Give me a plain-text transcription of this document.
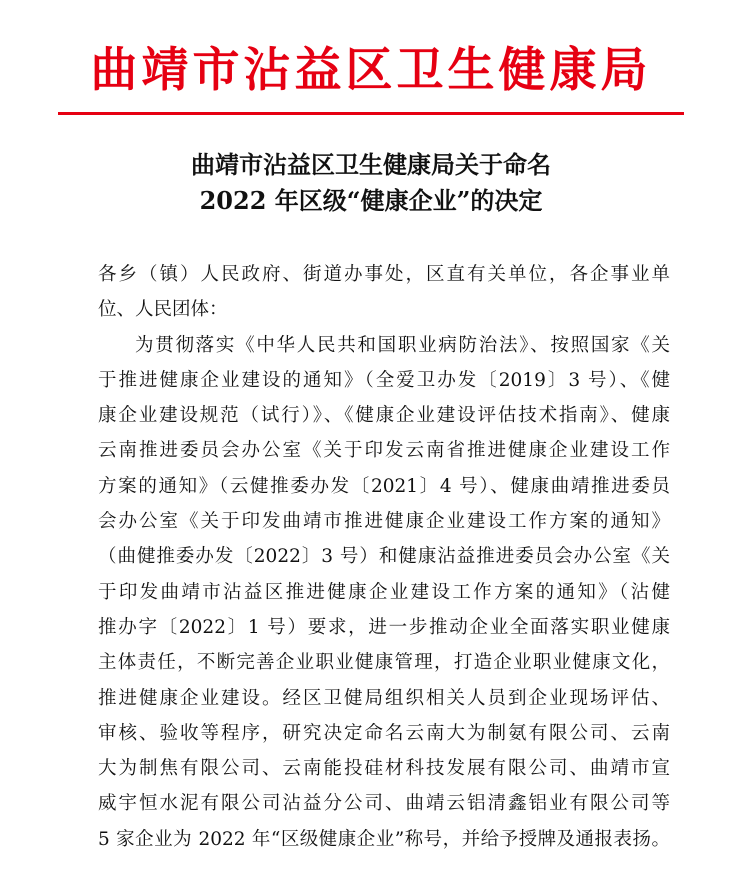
曲靖市沾益区卫生健康局
曲靖市沾益区卫生健康局关于命名
2022 年区级“健康企业”的决定
各乡（镇）人民政府、街道办事处，区直有关单位，各企事业单
位、人民团体：
为贯彻落实《中华人民共和国职业病防治法》、按照国家《关
于推进健康企业建设的通知》（全爱卫办发〔2019〕3 号）、《健
康企业建设规范（试行）》、《健康企业建设评估技术指南》、健康
云南推进委员会办公室《关于印发云南省推进健康企业建设工作
方案的通知》（云健推委办发〔2021〕4 号）、健康曲靖推进委员
会办公室《关于印发曲靖市推进健康企业建设工作方案的通知》
（曲健推委办发〔2022〕3 号）和健康沾益推进委员会办公室《关
于印发曲靖市沾益区推进健康企业建设工作方案的通知》（沾健
推办字〔2022〕1 号）要求，进一步推动企业全面落实职业健康
主体责任，不断完善企业职业健康管理，打造企业职业健康文化，
推进健康企业建设。经区卫健局组织相关人员到企业现场评估、
审核、验收等程序，研究决定命名云南大为制氨有限公司、云南
大为制焦有限公司、云南能投硅材科技发展有限公司、曲靖市宣
威宇恒水泥有限公司沾益分公司、曲靖云铝清鑫铝业有限公司等
5 家企业为 2022 年“区级健康企业”称号，并给予授牌及通报表扬。
